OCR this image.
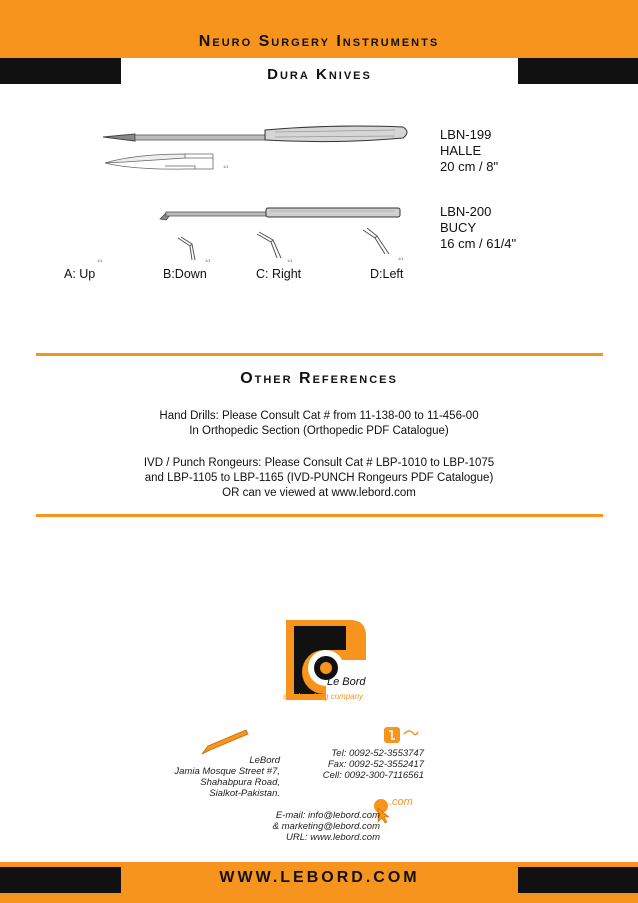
Neuro Surgery Instruments
Dura Knives
1/1
1/1	1/1	1/1	1/1
LBN-199
HALLE
20 cm / 8"
LBN-200
BUCY
16 cm / 61/4"
A: Up	B:Down	C: Right	D:Left
Other References
Hand Drills: Please Consult Cat # from 11-138-00 to 11-456-00
In Orthopedic Section (Orthopedic PDF Catalogue)
IVD / Punch Rongeurs: Please Consult Cat # LBP-1010 to LBP-1075
and LBP-1105 to LBP-1165 (IVD-PUNCH Rongeurs PDF Catalogue)
OR can ve viewed at www.lebord.com
Le Bord
steel crafting company
LeBord
Jamia Mosque Street #7,
Shahabpura Road,
Sialkot-Pakistan.
Tel: 0092-52-3553747
Fax: 0092-52-3552417
Cell: 0092-300-7116561
.com
E-mail: info@lebord.com
& marketing@lebord.com
URL: www.lebord.com
WWW.LEBORD.COM
